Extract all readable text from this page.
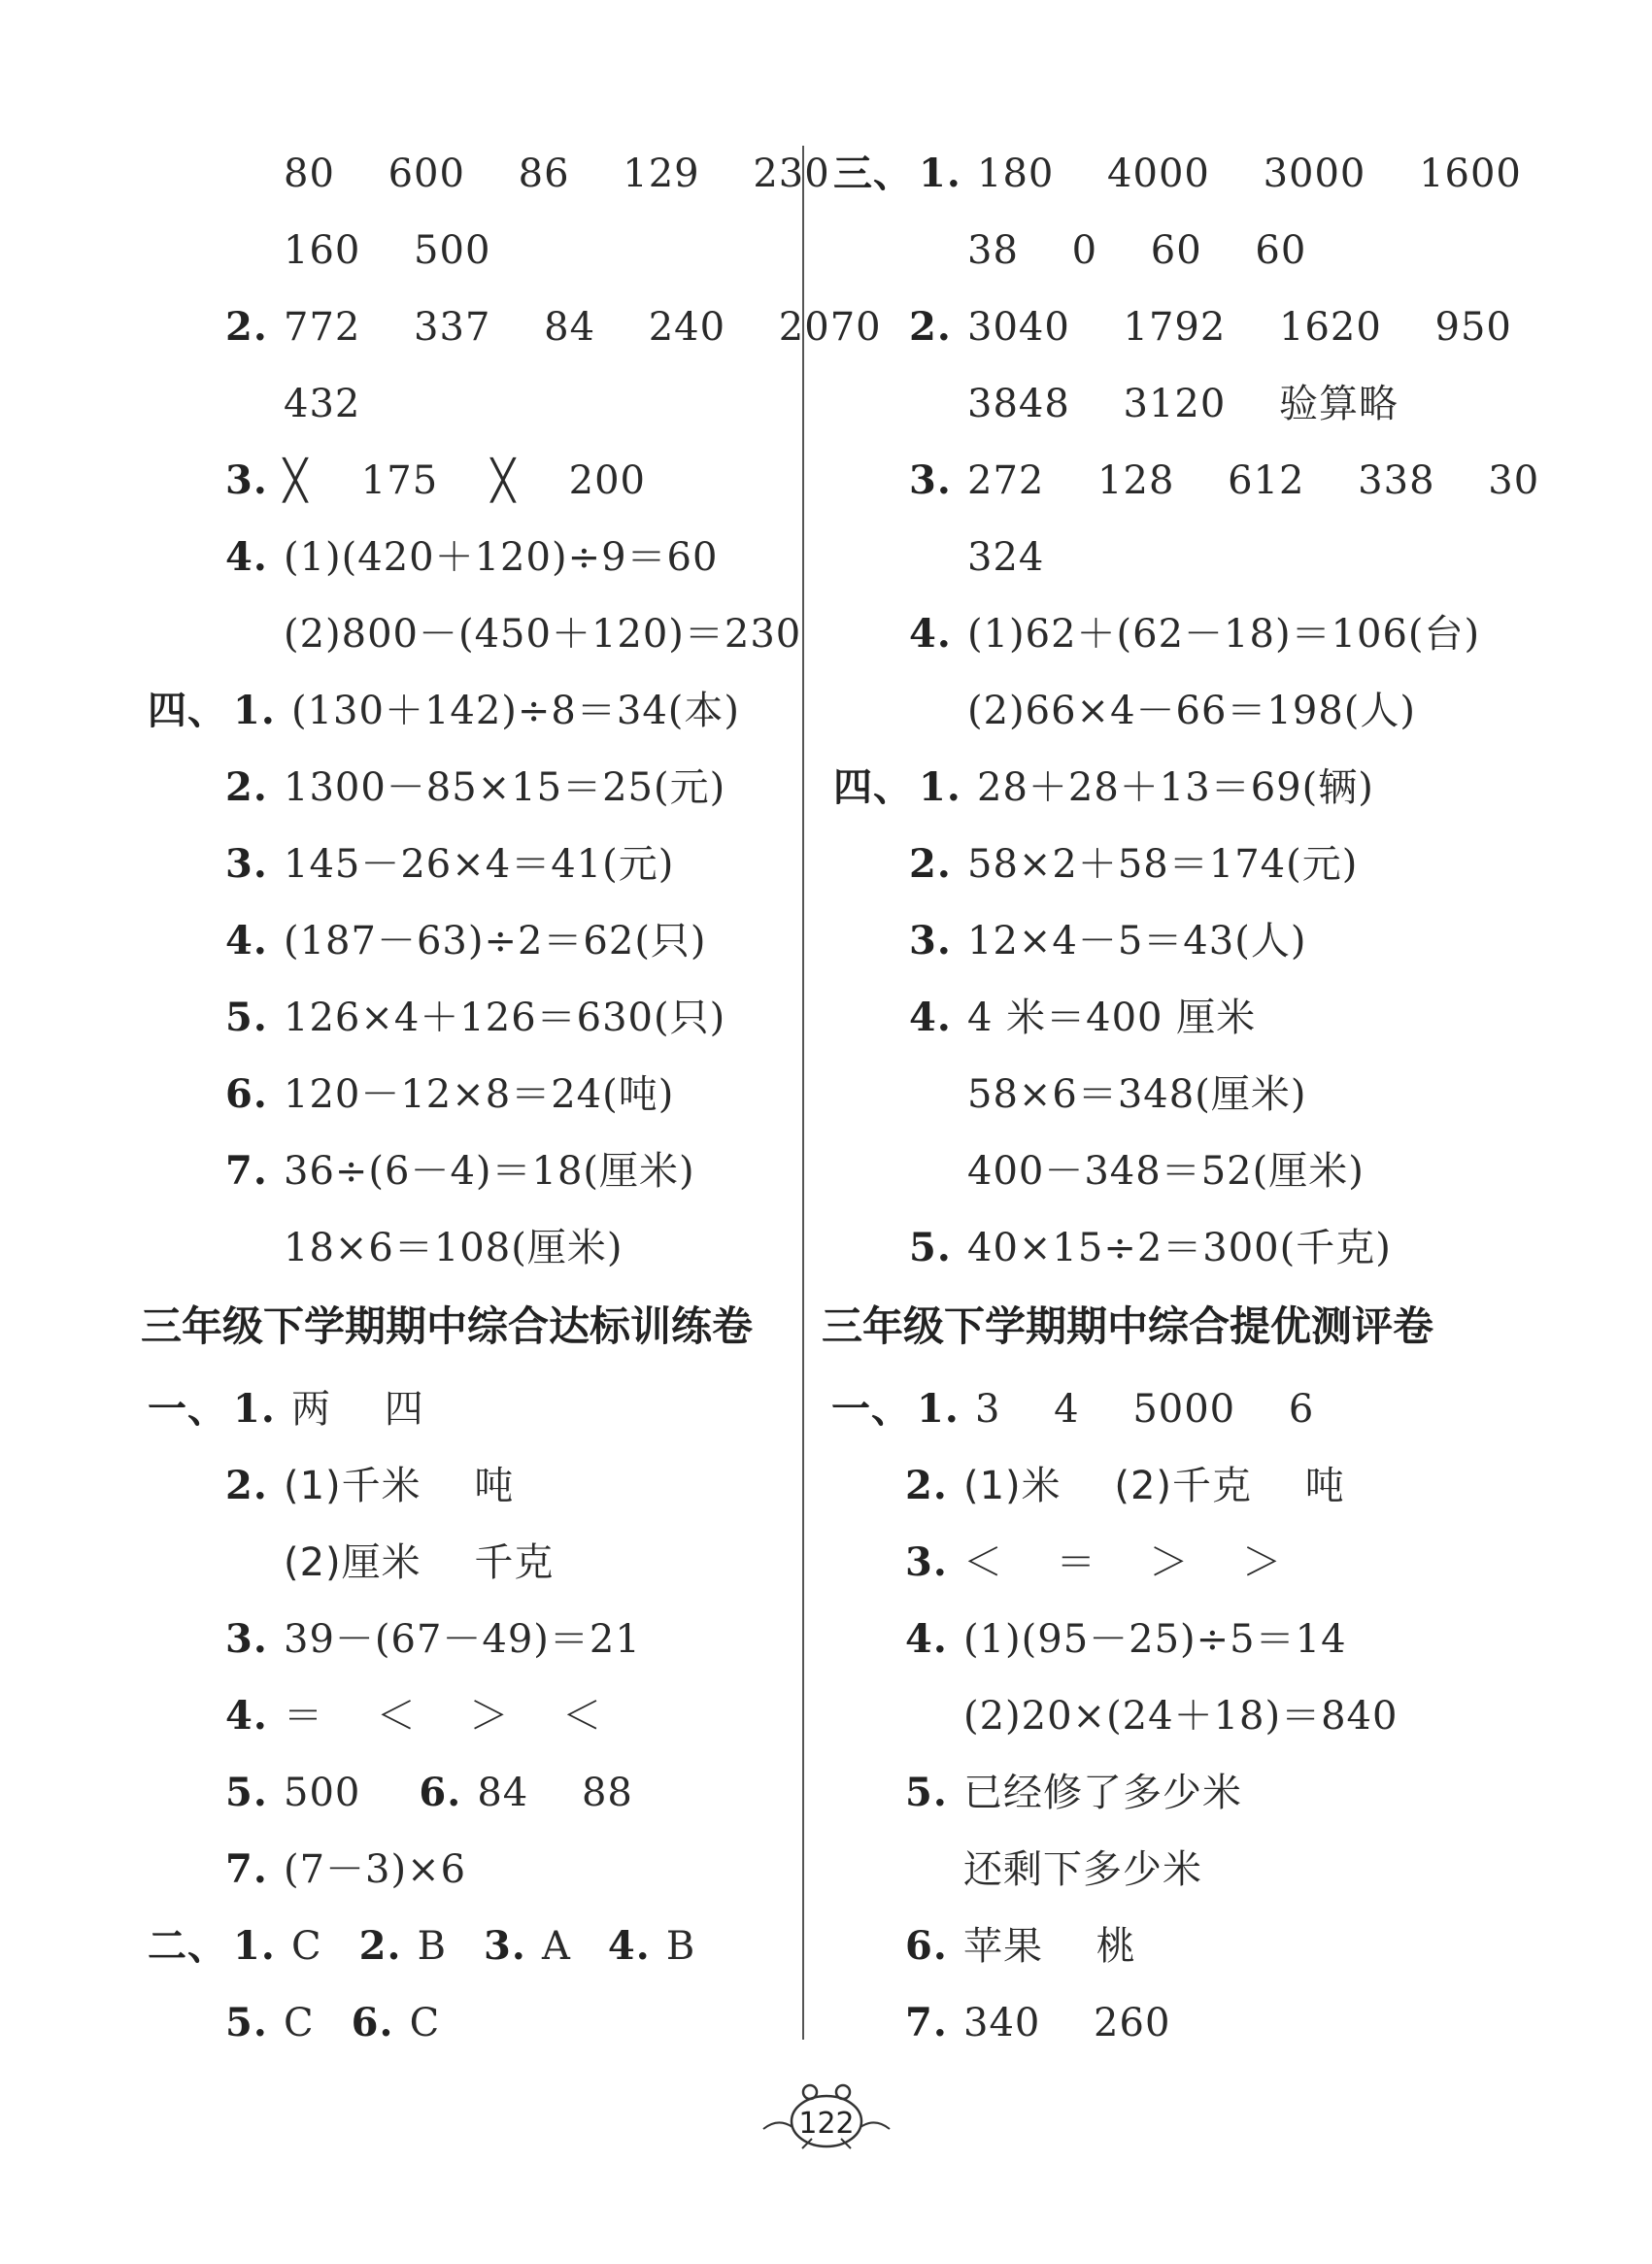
80　 600　 86　 129　 230
160　 500
2. 772　 337　 84　 240　 2070
432
3. ╳　 175　 ╳　 200
4. (1)(420＋120)÷9＝60
(2)800－(450＋120)＝230
四、 1. (130＋142)÷8＝34(本)
2. 1300－85×15＝25(元)
3. 145－26×4＝41(元)
4. (187－63)÷2＝62(只)
5. 126×4＋126＝630(只)
6. 120－12×8＝24(吨)
7. 36÷(6－4)＝18(厘米)
18×6＝108(厘米)
三年级下学期期中综合达标训练卷
一、 1. 两　 四
2. (1)千米　 吨
(2)厘米　 千克
3. 39－(67－49)＝21
4. ＝　 ＜　 ＞　 ＜
5. 500 6. 84　 88
7. (7－3)×6
二、 1. C 2. B 3. A 4. B
5. C 6. C
三、 1. 180　 4000　 3000　 1600
38　 0　 60　 60
2. 3040　 1792　 1620　 950
3848　 3120　 验算略
3. 272　 128　 612　 338　 30
324
4. (1)62＋(62－18)＝106(台)
(2)66×4－66＝198(人)
四、 1. 28＋28＋13＝69(辆)
2. 58×2＋58＝174(元)
3. 12×4－5＝43(人)
4. 4 米＝400 厘米
58×6＝348(厘米)
400－348＝52(厘米)
5. 40×15÷2＝300(千克)
三年级下学期期中综合提优测评卷
一、 1. 3　 4　 5000　 6
2. (1)米　 (2)千克　 吨
3. ＜　 ＝　 ＞　 ＞
4. (1)(95－25)÷5＝14
(2)20×(24＋18)＝840
5. 已经修了多少米
还剩下多少米
6. 苹果　 桃
7. 340　 260
122
